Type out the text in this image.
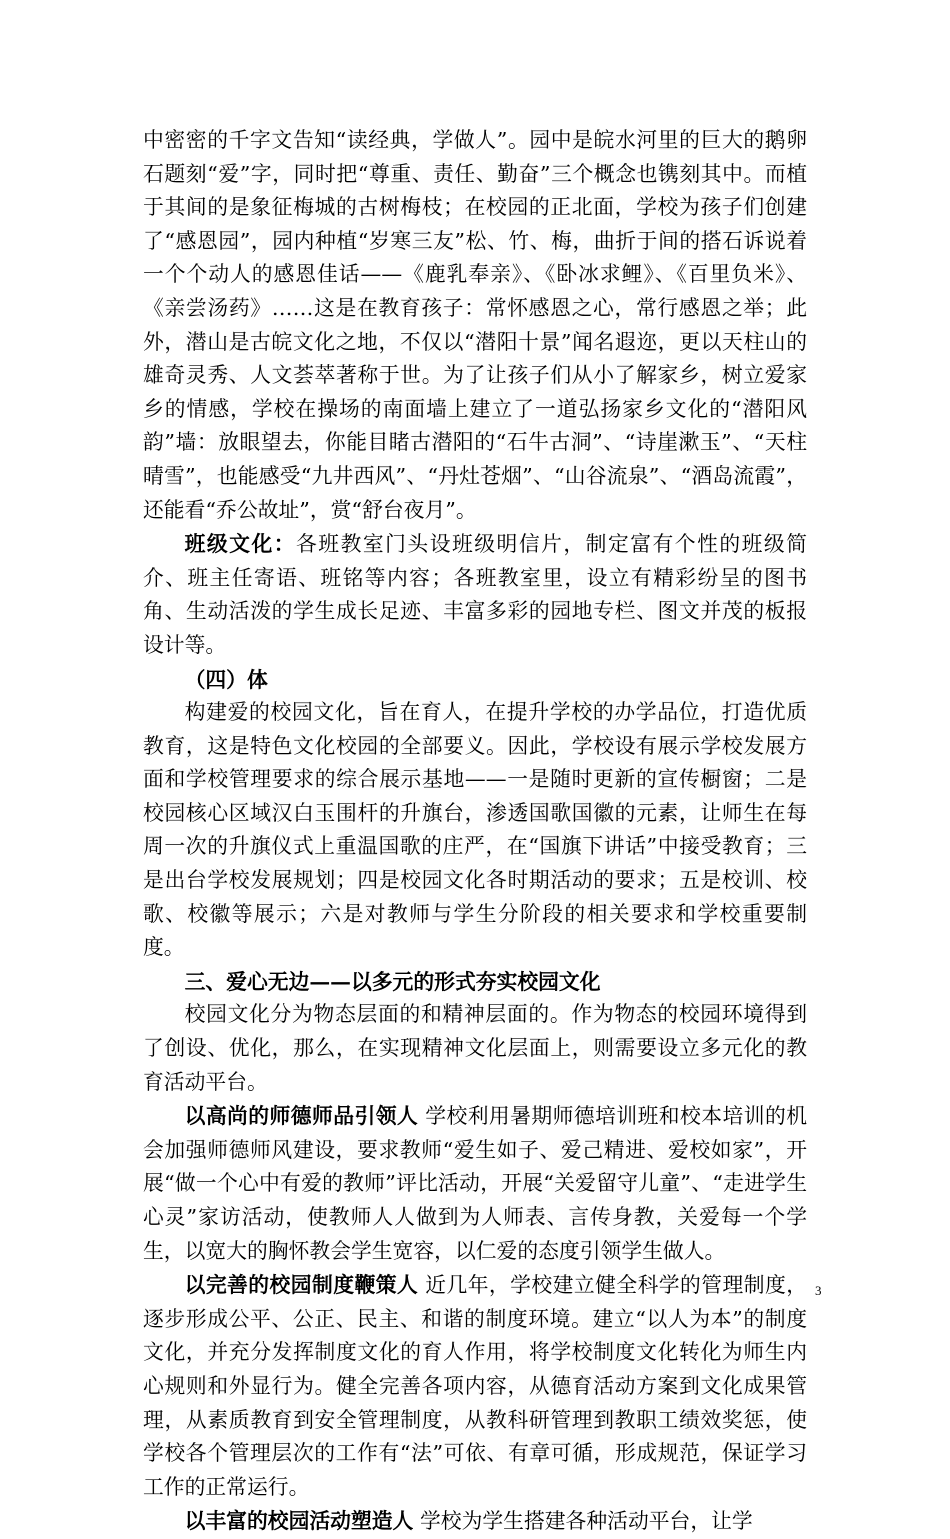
中密密的千字文告知“读经典，学做人”。园中是皖水河里的巨大的鹅卵石题刻“爱”字，同时把“尊重、责任、勤奋”三个概念也镌刻其中。而植于其间的是象征梅城的古树梅枝；在校园的正北面，学校为孩子们创建了“感恩园”，园内种植“岁寒三友”松、竹、梅，曲折于间的搭石诉说着一个个动人的感恩佳话——《鹿乳奉亲》、《卧冰求鲤》、《百里负米》、《亲尝汤药》……这是在教育孩子：常怀感恩之心，常行感恩之举；此外，潜山是古皖文化之地，不仅以“潜阳十景”闻名遐迩，更以天柱山的雄奇灵秀、人文荟萃著称于世。为了让孩子们从小了解家乡，树立爱家乡的情感，学校在操场的南面墙上建立了一道弘扬家乡文化的“潜阳风韵”墙：放眼望去，你能目睹古潜阳的“石牛古洞”、“诗崖漱玉”、“天柱晴雪”，也能感受“九井西风”、“丹灶苍烟”、“山谷流泉”、“酒岛流霞”，还能看“乔公故址”，赏“舒台夜月”。

班级文化：各班教室门头设班级明信片，制定富有个性的班级简介、班主任寄语、班铭等内容；各班教室里，设立有精彩纷呈的图书角、生动活泼的学生成长足迹、丰富多彩的园地专栏、图文并茂的板报设计等。

（四）体

构建爱的校园文化，旨在育人，在提升学校的办学品位，打造优质教育，这是特色文化校园的全部要义。因此，学校设有展示学校发展方面和学校管理要求的综合展示基地——一是随时更新的宣传橱窗；二是校园核心区域汉白玉围杆的升旗台，渗透国歌国徽的元素，让师生在每周一次的升旗仪式上重温国歌的庄严，在“国旗下讲话”中接受教育；三是出台学校发展规划；四是校园文化各时期活动的要求；五是校训、校歌、校徽等展示；六是对教师与学生分阶段的相关要求和学校重要制度。

三、爱心无边——以多元的形式夯实校园文化

校园文化分为物态层面的和精神层面的。作为物态的校园环境得到了创设、优化，那么，在实现精神文化层面上，则需要设立多元化的教育活动平台。

以高尚的师德师品引领人 学校利用暑期师德培训班和校本培训的机会加强师德师风建设，要求教师“爱生如子、爱己精进、爱校如家”，开展“做一个心中有爱的教师”评比活动，开展“关爱留守儿童”、“走进学生心灵”家访活动，使教师人人做到为人师表、言传身教，关爱每一个学生，以宽大的胸怀教会学生宽容，以仁爱的态度引领学生做人。

以完善的校园制度鞭策人 近几年，学校建立健全科学的管理制度，逐步形成公平、公正、民主、和谐的制度环境。建立“以人为本”的制度文化，并充分发挥制度文化的育人作用，将学校制度文化转化为师生内心规则和外显行为。健全完善各项内容，从德育活动方案到文化成果管理，从素质教育到安全管理制度，从教科研管理到教职工绩效奖惩，使学校各个管理层次的工作有“法”可依、有章可循，形成规范，保证学习工作的正常运行。

以丰富的校园活动塑造人 学校为学生搭建各种活动平台，让学

3
